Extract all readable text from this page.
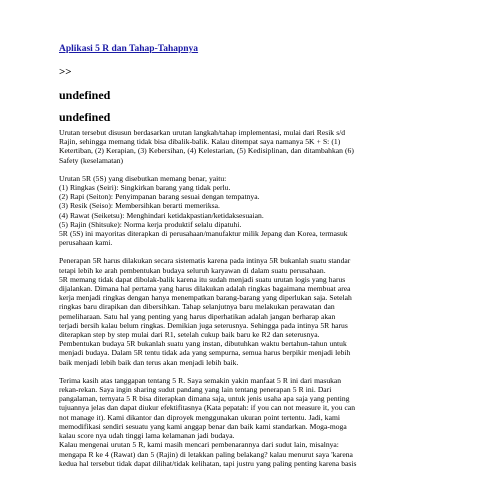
Aplikasi 5 R dan Tahap-Tahapnya
>>
undefined
undefined

Urutan tersebut disusun berdasarkan urutan langkah/tahap implementasi, mulai dari Resik s/d
Rajin, sehingga memang tidak bisa dibalik-balik. Kalau ditempat saya namanya 5K + S: (1)
Ketertiban, (2) Kerapian, (3) Kebersihan, (4) Kelestarian, (5) Kedisiplinan, dan ditambahkan (6)
Safety (keselamatan)

Urutan 5R (5S) yang disebutkan memang benar, yaitu:
(1) Ringkas (Seiri): Singkirkan barang yang tidak perlu.
(2) Rapi (Seiton): Penyimpanan barang sesuai dengan tempatnya.
(3) Resik (Seiso): Membersihkan berarti memeriksa.
(4) Rawat (Seiketsu): Menghindari ketidakpastian/ketidaksesuaian.
(5) Rajin (Shitsuke): Norma kerja produktif selalu dipatuhi.
5R (5S) ini mayoritas diterapkan di perusahaan/manufaktur milik Jepang dan Korea, termasuk
perusahaan kami.

Penerapan 5R harus dilakukan secara sistematis karena pada intinya 5R bukanlah suatu standar
tetapi lebih ke arah pembentukan budaya seluruh karyawan di dalam suatu perusahaan.
5R memang tidak dapat dibolak-balik karena itu sudah menjadi suatu urutan logis yang harus
dijalankan. Dimana hal pertama yang harus dilakukan adalah ringkas bagaimana membuat area
kerja menjadi ringkas dengan hanya menempatkan barang-barang yang diperlukan saja. Setelah
ringkas baru dirapikan dan dibersihkan. Tahap selanjutnya baru melakukan perawatan dan
pemeliharaan. Satu hal yang penting yang harus diperhatikan adalah jangan berharap akan
terjadi bersih kalau belum ringkas. Demikian juga seterusnya. Sehingga pada intinya 5R harus
diterapkan step by step mulai dari R1, setelah cukup baik baru ke R2 dan seterusnya.
Pembentukan budaya 5R bukanlah suatu yang instan, dibutuhkan waktu bertahun-tahun untuk
menjadi budaya. Dalam 5R tentu tidak ada yang sempurna, semua harus berpikir menjadi lebih
baik menjadi lebih baik dan terus akan menjadi lebih baik.

Terima kasih atas tanggapan tentang 5 R. Saya semakin yakin manfaat 5 R ini dari masukan
rekan-rekan. Saya ingin sharing sudut pandang yang lain tentang penerapan 5 R ini. Dari
pangalaman, ternyata 5 R bisa diterapkan dimana saja, untuk jenis usaha apa saja yang penting
tujuannya jelas dan dapat diukur efektifitasnya (Kata pepatah: if you can not measure it, you can
not manage it). Kami dikantor dan diproyek menggunakan ukuran point tertentu. Jadi, kami
memodifikasi sendiri sesuatu yang kami anggap benar dan baik kami standarkan. Moga-moga
kalau score nya udah tinggi lama kelamanan jadi budaya.
Kalau mengenai urutan 5 R, kami masih mencari pembenarannya dari sudut lain, misalnya:
mengapa R ke 4 (Rawat) dan 5 (Rajin) di letakkan paling belakang? kalau menurut saya 'karena
kedua hal tersebut tidak dapat dilihat/tidak kelihatan, tapi justru yang paling penting karena basis
